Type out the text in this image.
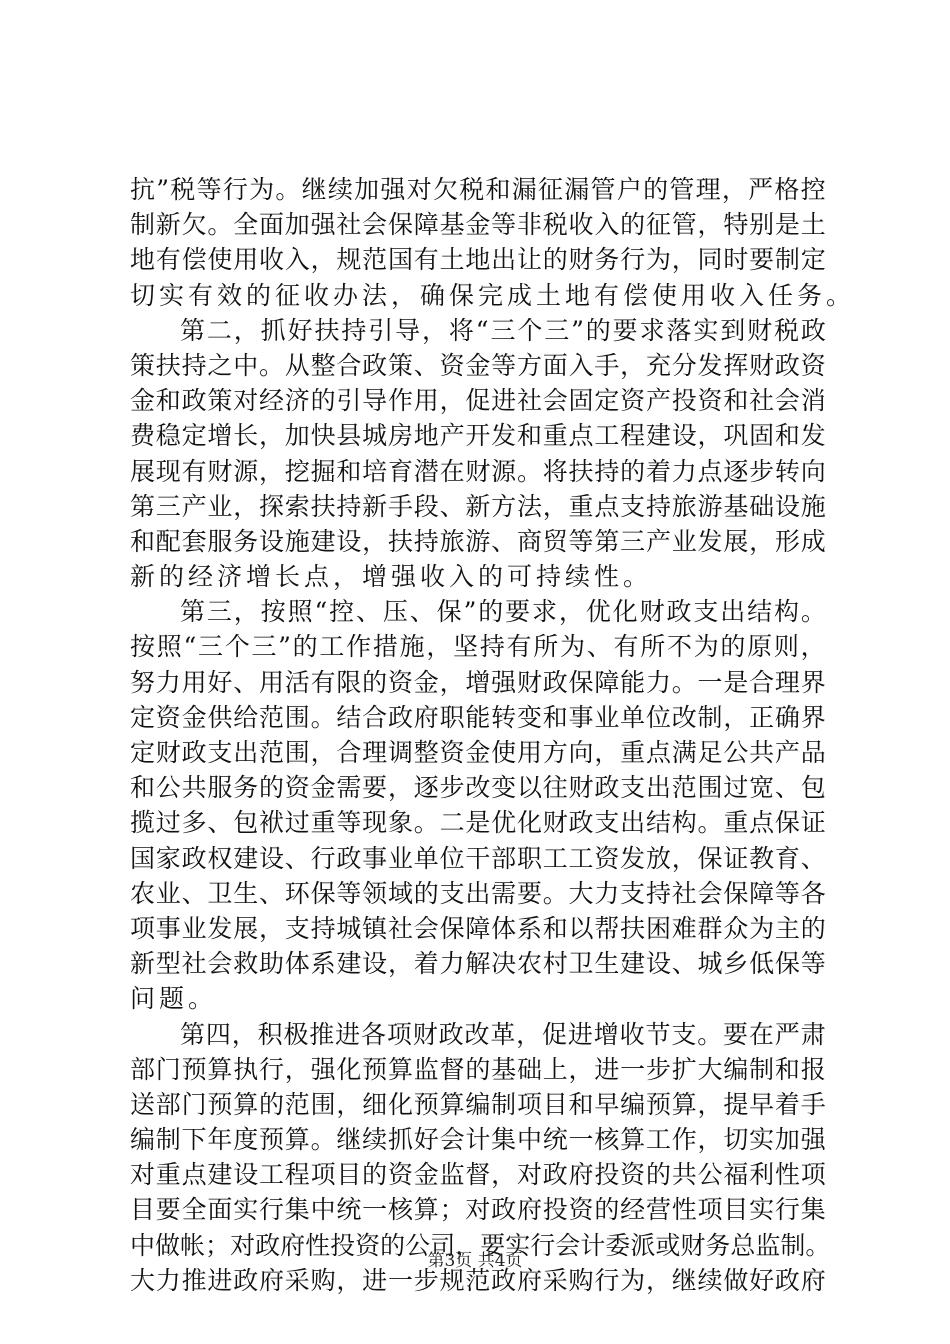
抗 ” 税 等 行 为 。 继 续 加 强 对 欠 税 和 漏 征 漏 管 户 的 管 理 ， 严 格 控
制 新 欠 。 全 面 加 强 社 会 保 障 基 金 等 非 税 收 入 的 征 管 ， 特 别 是 土
地 有 偿 使 用 收 入 ， 规 范 国 有 土 地 出 让 的 财 务 行 为 ， 同 时 要 制 定
切实有效的征收办法，确保完成土地有偿使用收入任务。
第 二 ， 抓 好 扶 持 引 导 ， 将 “ 三 个 三 ” 的 要 求 落 实 到 财 税 政
策 扶 持 之 中 。 从 整 合 政 策 、 资 金 等 方 面 入 手 ， 充 分 发 挥 财 政 资
金 和 政 策 对 经 济 的 引 导 作 用 ， 促 进 社 会 固 定 资 产 投 资 和 社 会 消
费 稳 定 增 长 ， 加 快 县 城 房 地 产 开 发 和 重 点 工 程 建 设 ， 巩 固 和 发
展 现 有 财 源 ， 挖 掘 和 培 育 潜 在 财 源 。 将 扶 持 的 着 力 点 逐 步 转 向
第 三 产 业 ， 探 索 扶 持 新 手 段 、 新 方 法 ， 重 点 支 持 旅 游 基 础 设 施
和 配 套 服 务 设 施 建 设 ， 扶 持 旅 游 、 商 贸 等 第 三 产 业 发 展 ， 形 成
新的经济增长点，增强收入的可持续性。
第 三 ， 按 照 “ 控 、 压 、 保 ” 的 要 求 ， 优 化 财 政 支 出 结 构 。
按 照 “ 三 个 三 ” 的 工 作 措 施 ， 坚 持 有 所 为 、 有 所 不 为 的 原 则 ，
努 力 用 好 、 用 活 有 限 的 资 金 ， 增 强 财 政 保 障 能 力 。 一 是 合 理 界
定 资 金 供 给 范 围 。 结 合 政 府 职 能 转 变 和 事 业 单 位 改 制 ， 正 确 界
定 财 政 支 出 范 围 ， 合 理 调 整 资 金 使 用 方 向 ， 重 点 满 足 公 共 产 品
和 公 共 服 务 的 资 金 需 要 ， 逐 步 改 变 以 往 财 政 支 出 范 围 过 宽 、 包
揽 过 多 、 包 袱 过 重 等 现 象 。 二 是 优 化 财 政 支 出 结 构 。 重 点 保 证
国 家 政 权 建 设 、 行 政 事 业 单 位 干 部 职 工 工 资 发 放 ， 保 证 教 育 、
农 业 、 卫 生 、 环 保 等 领 域 的 支 出 需 要 。 大 力 支 持 社 会 保 障 等 各
项 事 业 发 展 ， 支 持 城 镇 社 会 保 障 体 系 和 以 帮 扶 困 难 群 众 为 主 的
新 型 社 会 救 助 体 系 建 设 ， 着 力 解 决 农 村 卫 生 建 设 、 城 乡 低 保 等
问题。
第 四 ， 积 极 推 进 各 项 财 政 改 革 ， 促 进 增 收 节 支 。 要 在 严 肃
部 门 预 算 执 行 ， 强 化 预 算 监 督 的 基 础 上 ， 进 一 步 扩 大 编 制 和 报
送 部 门 预 算 的 范 围 ， 细 化 预 算 编 制 项 目 和 早 编 预 算 ， 提 早 着 手
编 制 下 年 度 预 算 。 继 续 抓 好 会 计 集 中 统 一 核 算 工 作 ， 切 实 加 强
对 重 点 建 设 工 程 项 目 的 资 金 监 督 ， 对 政 府 投 资 的 共 公 福 利 性 项
目 要 全 面 实 行 集 中 统 一 核 算 ； 对 政 府 投 资 的 经 营 性 项 目 实 行 集
中 做 帐 ； 对 政 府 性 投 资 的 公 司 ， 要 实 行 会 计 委 派 或 财 务 总 监 制 。
大 力 推 进 政 府 采 购 ， 进 一 步 规 范 政 府 采 购 行 为 ， 继 续 做 好 政 府
第3页 共4页
